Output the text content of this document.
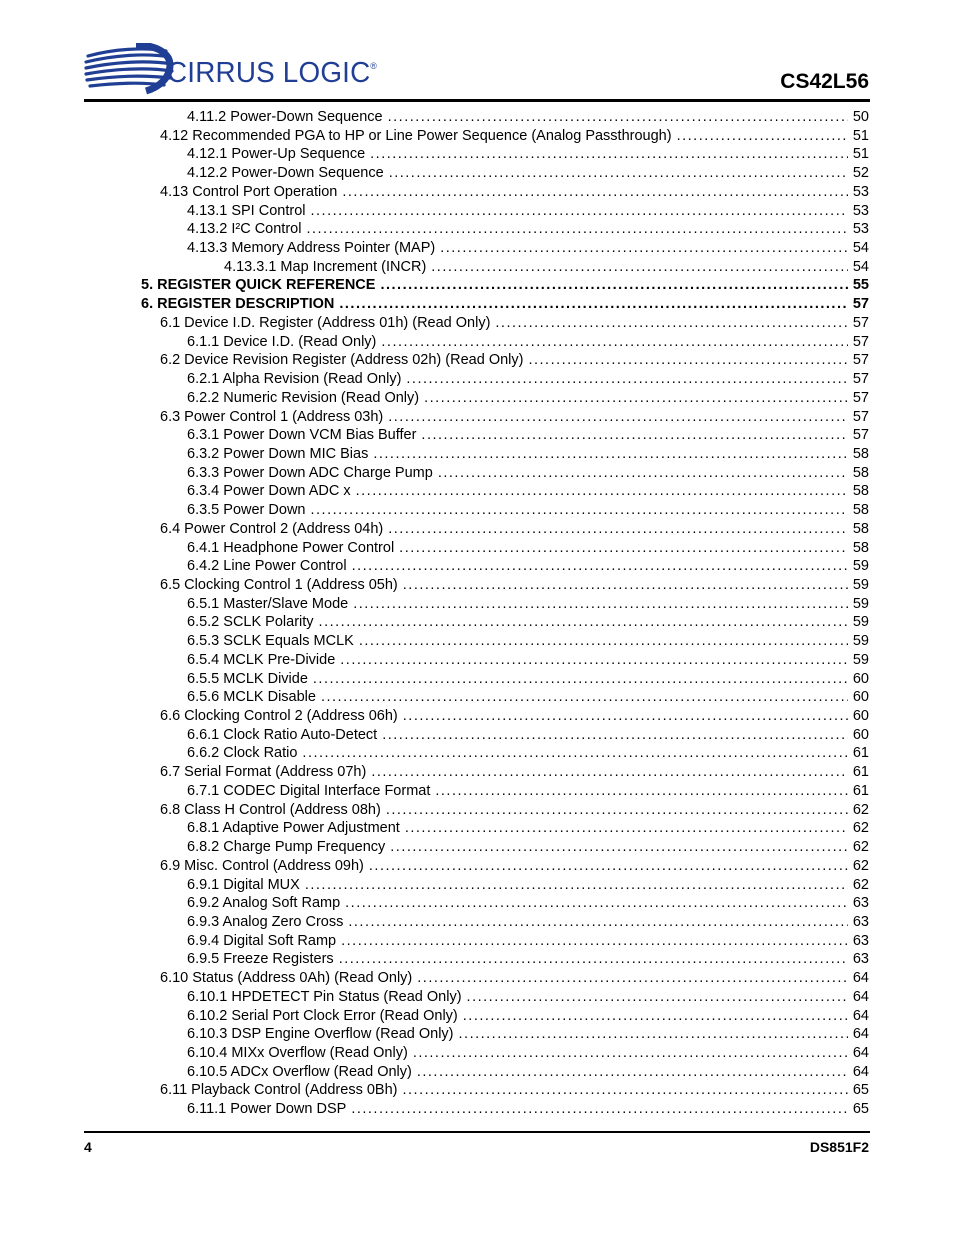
CIRRUS LOGIC®
CS42L56
4.11.2 Power-Down Sequence .....	50
4.12 Recommended PGA to HP or Line Power Sequence (Analog Passthrough) .....	51
4.12.1 Power-Up Sequence .....	51
4.12.2 Power-Down Sequence .....	52
4.13 Control Port Operation .....	53
4.13.1 SPI Control .....	53
4.13.2 I²C Control .....	53
4.13.3 Memory Address Pointer (MAP) .....	54
4.13.3.1 Map Increment (INCR) .....	54
5. REGISTER QUICK REFERENCE .....	55
6. REGISTER DESCRIPTION .....	57
6.1 Device I.D. Register (Address 01h) (Read Only) .....	57
6.1.1 Device I.D. (Read Only) .....	57
6.2 Device Revision Register (Address 02h) (Read Only) .....	57
6.2.1 Alpha Revision (Read Only) .....	57
6.2.2 Numeric Revision (Read Only) .....	57
6.3 Power Control 1 (Address 03h) .....	57
6.3.1 Power Down VCM Bias Buffer .....	57
6.3.2 Power Down MIC Bias .....	58
6.3.3 Power Down ADC Charge Pump .....	58
6.3.4 Power Down ADC x .....	58
6.3.5 Power Down .....	58
6.4 Power Control 2 (Address 04h) .....	58
6.4.1 Headphone Power Control .....	58
6.4.2 Line Power Control .....	59
6.5 Clocking Control 1 (Address 05h) .....	59
6.5.1 Master/Slave Mode .....	59
6.5.2 SCLK Polarity .....	59
6.5.3 SCLK Equals MCLK .....	59
6.5.4 MCLK Pre-Divide .....	59
6.5.5 MCLK Divide .....	60
6.5.6 MCLK Disable .....	60
6.6 Clocking Control 2 (Address 06h) .....	60
6.6.1 Clock Ratio Auto-Detect .....	60
6.6.2 Clock Ratio .....	61
6.7 Serial Format (Address 07h) .....	61
6.7.1 CODEC Digital Interface Format .....	61
6.8 Class H Control (Address 08h) .....	62
6.8.1 Adaptive Power Adjustment .....	62
6.8.2 Charge Pump Frequency .....	62
6.9 Misc. Control (Address 09h) .....	62
6.9.1 Digital MUX .....	62
6.9.2 Analog Soft Ramp .....	63
6.9.3 Analog Zero Cross .....	63
6.9.4 Digital Soft Ramp .....	63
6.9.5 Freeze Registers .....	63
6.10 Status (Address 0Ah) (Read Only) .....	64
6.10.1 HPDETECT Pin Status (Read Only) .....	64
6.10.2 Serial Port Clock Error (Read Only) .....	64
6.10.3 DSP Engine Overflow (Read Only) .....	64
6.10.4 MIXx Overflow (Read Only) .....	64
6.10.5 ADCx Overflow (Read Only) .....	64
6.11 Playback Control (Address 0Bh) .....	65
6.11.1 Power Down DSP .....	65
4	DS851F2
